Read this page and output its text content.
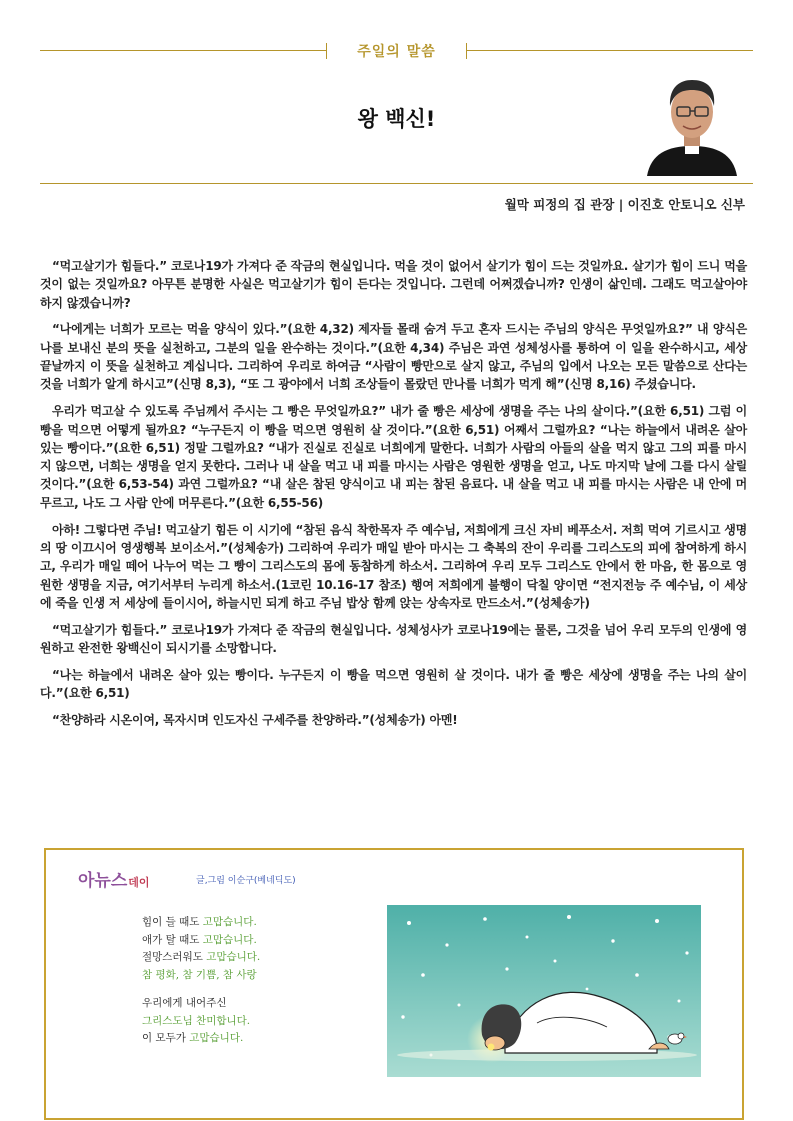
주일의 말씀
왕 백신!
월막 피정의 집 관장 | 이진호 안토니오 신부

“먹고살기가 힘들다.” 코로나19가 가져다 준 작금의 현실입니다. 먹을 것이 없어서 살기가 힘이 드는 것일까요. 살기가 힘이 드니 먹을 것이 없는 것일까요? 아무튼 분명한 사실은 먹고살기가 힘이 든다는 것입니다. 그런데 어쩌겠습니까? 인생이 삶인데. 그래도 먹고살아야 하지 않겠습니까?

“나에게는 너희가 모르는 먹을 양식이 있다.”(요한 4,32) 제자들 몰래 숨겨 두고 혼자 드시는 주님의 양식은 무엇일까요?” 내 양식은 나를 보내신 분의 뜻을 실천하고, 그분의 일을 완수하는 것이다.”(요한 4,34) 주님은 과연 성체성사를 통하여 이 일을 완수하시고, 세상 끝날까지 이 뜻을 실천하고 계십니다. 그리하여 우리로 하여금 “사람이 빵만으로 살지 않고, 주님의 입에서 나오는 모든 말씀으로 산다는 것을 너희가 알게 하시고”(신명 8,3), “또 그 광야에서 너희 조상들이 몰랐던 만나를 너희가 먹게 해”(신명 8,16) 주셨습니다.

우리가 먹고살 수 있도록 주님께서 주시는 그 빵은 무엇일까요?” 내가 줄 빵은 세상에 생명을 주는 나의 살이다.”(요한 6,51) 그럼 이 빵을 먹으면 어떻게 될까요? “누구든지 이 빵을 먹으면 영원히 살 것이다.”(요한 6,51) 어째서 그럴까요? “나는 하늘에서 내려온 살아 있는 빵이다.”(요한 6,51) 정말 그럴까요? “내가 진실로 진실로 너희에게 말한다. 너희가 사람의 아들의 살을 먹지 않고 그의 피를 마시지 않으면, 너희는 생명을 얻지 못한다. 그러나 내 살을 먹고 내 피를 마시는 사람은 영원한 생명을 얻고, 나도 마지막 날에 그를 다시 살릴 것이다.”(요한 6,53-54) 과연 그럴까요? “내 살은 참된 양식이고 내 피는 참된 음료다. 내 살을 먹고 내 피를 마시는 사람은 내 안에 머무르고, 나도 그 사람 안에 머무른다.”(요한 6,55-56)

아하! 그렇다면 주님! 먹고살기 힘든 이 시기에 “참된 음식 착한목자 주 예수님, 저희에게 크신 자비 베푸소서. 저희 먹여 기르시고 생명의 땅 이끄시어 영생행복 보이소서.”(성체송가) 그리하여 우리가 매일 받아 마시는 그 축복의 잔이 우리를 그리스도의 피에 참여하게 하시고, 우리가 매일 떼어 나누어 먹는 그 빵이 그리스도의 몸에 동참하게 하소서. 그리하여 우리 모두 그리스도 안에서 한 마음, 한 몸으로 영원한 생명을 지금, 여기서부터 누리게 하소서.(1코린 10.16-17 참조) 행여 저희에게 불행이 닥칠 양이면 “전지전능 주 예수님, 이 세상에 죽을 인생 저 세상에 들이시어, 하늘시민 되게 하고 주님 밥상 함께 앉는 상속자로 만드소서.”(성체송가)

“먹고살기가 힘들다.” 코로나19가 가져다 준 작금의 현실입니다. 성체성사가 코로나19에는 물론, 그것을 넘어 우리 모두의 인생에 영원하고 완전한 왕백신이 되시기를 소망합니다.

“나는 하늘에서 내려온 살아 있는 빵이다. 누구든지 이 빵을 먹으면 영원히 살 것이다. 내가 줄 빵은 세상에 생명을 주는 나의 살이다.”(요한 6,51)

“찬양하라 시온이여, 목자시며 인도자신 구세주를 찬양하라.”(성체송가) 아멘!

아뉴스데이	글,그림 이순구(베네딕도)
힘이 들 때도 고맙습니다.
애가 탈 때도 고맙습니다.
절망스러워도 고맙습니다.
참 평화, 참 기쁨, 참 사랑
우리에게 내어주신
그리스도님 찬미합니다.
이 모두가 고맙습니다.
